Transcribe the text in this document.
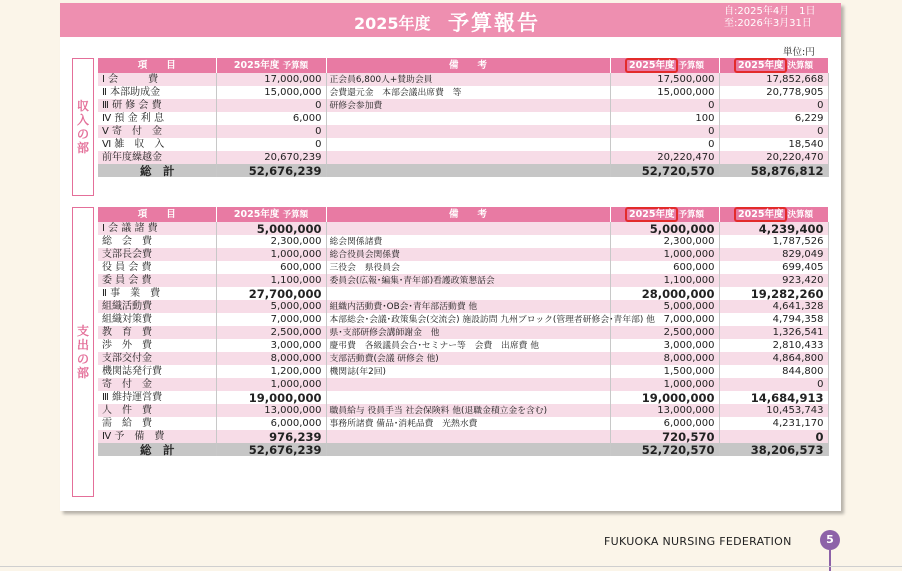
2025年度 予算報告	自:2025年4月　1日
至:2026年3月31日
単位:円
収入の部
項　　目	2025年度 予算額	備　　考	2025年度 予算額	2025年度 決算額
Ⅰ 会　　　費	17,000,000	正会員6,800人+賛助会員	17,500,000	17,852,668
Ⅱ 本部助成金	15,000,000	会費還元金　本部会議出席費　等	15,000,000	20,778,905
Ⅲ 研 修 会 費	0	研修会参加費	0	0
Ⅳ 預 金 利 息	6,000		100	6,229
Ⅴ 寄　付　金	0		0	0
Ⅵ 雑　収　入	0		0	18,540
前年度繰越金	20,670,239		20,220,470	20,220,470
総　計	52,676,239		52,720,570	58,876,812
支出の部
項　　目	2025年度 予算額	備　　考	2025年度 予算額	2025年度 決算額
Ⅰ 会 議 諸 費	5,000,000		5,000,000	4,239,400
総　会　費	2,300,000	総会関係諸費	2,300,000	1,787,526
支部長会費	1,000,000	総合役員会関係費	1,000,000	829,049
役 員 会 費	600,000	三役会　県役員会	600,000	699,405
委 員 会 費	1,100,000	委員会(広報･編集･青年部)看護政策懇話会	1,100,000	923,420
Ⅱ 事　業　費	27,700,000		28,000,000	19,282,260
組織活動費	5,000,000	組織内活動費･OB会･青年部活動費 他	5,000,000	4,641,328
組織対策費	7,000,000	本部総会･会議･政策集会(交流会) 施設訪問 九州ブロック(管理者研修会･青年部) 他	7,000,000	4,794,358
教　育　費	2,500,000	県･支部研修会講師謝金　他	2,500,000	1,326,541
渉　外　費	3,000,000	慶弔費　各級議員会合･セミナー等　会費　出席費 他	3,000,000	2,810,433
支部交付金	8,000,000	支部活動費(会議 研修会 他)	8,000,000	4,864,800
機関誌発行費	1,200,000	機関誌(年2回)	1,500,000	844,800
寄　付　金	1,000,000		1,000,000	0
Ⅲ 維持運営費	19,000,000		19,000,000	14,684,913
人　件　費	13,000,000	職員給与 役員手当 社会保険料 他(退職金積立金を含む)	13,000,000	10,453,743
需　給　費	6,000,000	事務所諸費 備品･消耗品費　光熱水費	6,000,000	4,231,170
Ⅳ 予　備　費	976,239		720,570	0
総　計	52,676,239		52,720,570	38,206,573
FUKUOKA NURSING FEDERATION	5
